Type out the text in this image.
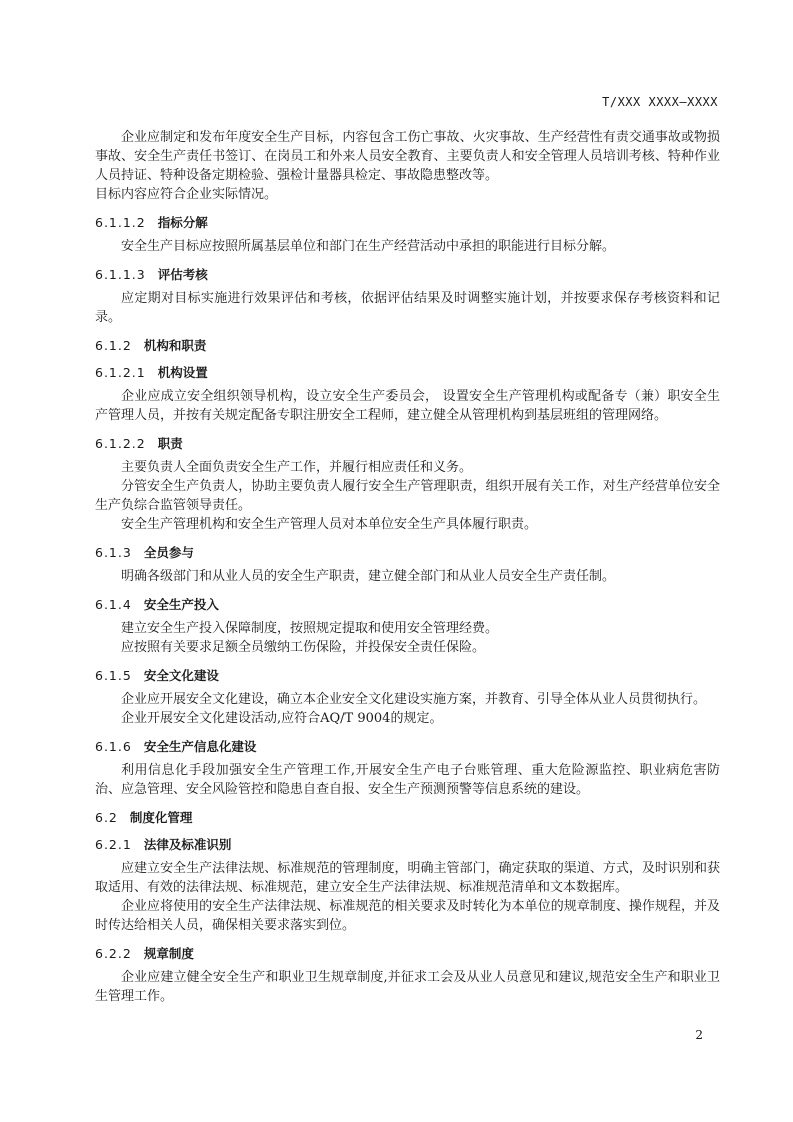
T/XXX XXXX—XXXX

企业应制定和发布年度安全生产目标，内容包含工伤亡事故、火灾事故、生产经营性有责交通事故或物损事故、安全生产责任书签订、在岗员工和外来人员安全教育、主要负责人和安全管理人员培训考核、特种作业人员持证、特种设备定期检验、强检计量器具检定、事故隐患整改等。

目标内容应符合企业实际情况。

6.1.1.2 指标分解

安全生产目标应按照所属基层单位和部门在生产经营活动中承担的职能进行目标分解。

6.1.1.3 评估考核

应定期对目标实施进行效果评估和考核，依据评估结果及时调整实施计划，并按要求保存考核资料和记录。

6.1.2 机构和职责
6.1.2.1 机构设置

企业应成立安全组织领导机构，设立安全生产委员会， 设置安全生产管理机构或配备专（兼）职安全生产管理人员，并按有关规定配备专职注册安全工程师，建立健全从管理机构到基层班组的管理网络。

6.1.2.2 职责

主要负责人全面负责安全生产工作，并履行相应责任和义务。

分管安全生产负责人，协助主要负责人履行安全生产管理职责，组织开展有关工作，对生产经营单位安全生产负综合监管领导责任。

安全生产管理机构和安全生产管理人员对本单位安全生产具体履行职责。

6.1.3 全员参与

明确各级部门和从业人员的安全生产职责，建立健全部门和从业人员安全生产责任制。

6.1.4 安全生产投入

建立安全生产投入保障制度，按照规定提取和使用安全管理经费。

应按照有关要求足额全员缴纳工伤保险，并投保安全责任保险。

6.1.5 安全文化建设

企业应开展安全文化建设，确立本企业安全文化建设实施方案，并教育、引导全体从业人员贯彻执行。

企业开展安全文化建设活动,应符合AQ/T 9004的规定。

6.1.6 安全生产信息化建设

利用信息化手段加强安全生产管理工作,开展安全生产电子台账管理、重大危险源监控、职业病危害防治、应急管理、安全风险管控和隐患自查自报、安全生产预测预警等信息系统的建设。

6.2 制度化管理
6.2.1 法律及标准识别

应建立安全生产法律法规、标准规范的管理制度，明确主管部门，确定获取的渠道、方式，及时识别和获取适用、有效的法律法规、标准规范，建立安全生产法律法规、标准规范清单和文本数据库。

企业应将使用的安全生产法律法规、标准规范的相关要求及时转化为本单位的规章制度、操作规程，并及时传达给相关人员，确保相关要求落实到位。

6.2.2 规章制度

企业应建立健全安全生产和职业卫生规章制度,并征求工会及从业人员意见和建议,规范安全生产和职业卫生管理工作。

2
